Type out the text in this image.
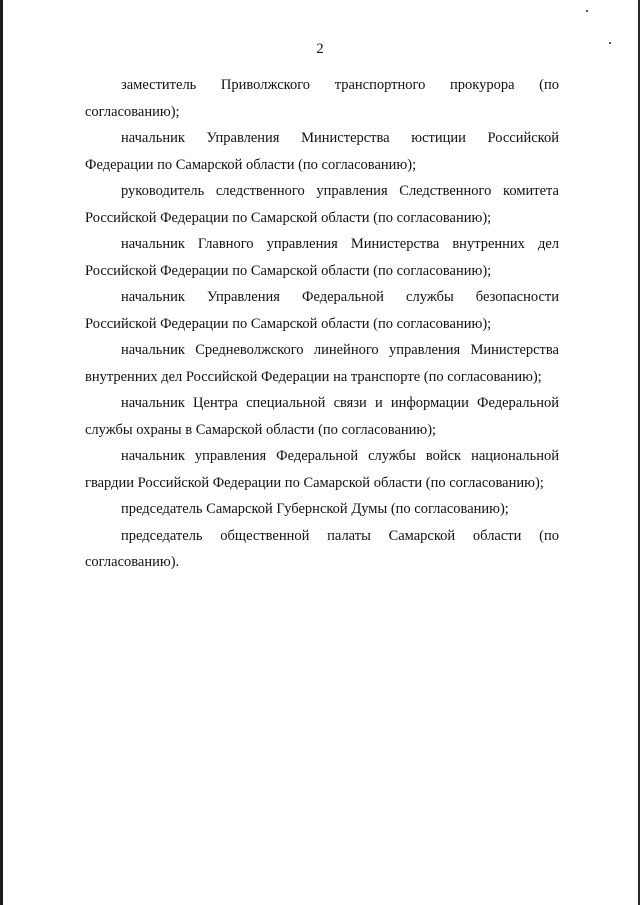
2
заместитель Приволжского транспортного прокурора (по
согласованию);
начальник Управления Министерства юстиции Российской
Федерации по Самарской области (по согласованию);
руководитель следственного управления Следственного комитета
Российской Федерации по Самарской области (по согласованию);
начальник Главного управления Министерства внутренних дел
Российской Федерации по Самарской области (по согласованию);
начальник Управления Федеральной службы безопасности
Российской Федерации по Самарской области (по согласованию);
начальник Средневолжского линейного управления Министерства
внутренних дел Российской Федерации на транспорте (по согласованию);
начальник Центра специальной связи и информации Федеральной
службы охраны в Самарской области (по согласованию);
начальник управления Федеральной службы войск национальной
гвардии Российской Федерации по Самарской области (по согласованию);
председатель Самарской Губернской Думы (по согласованию);
председатель общественной палаты Самарской области (по
согласованию).
